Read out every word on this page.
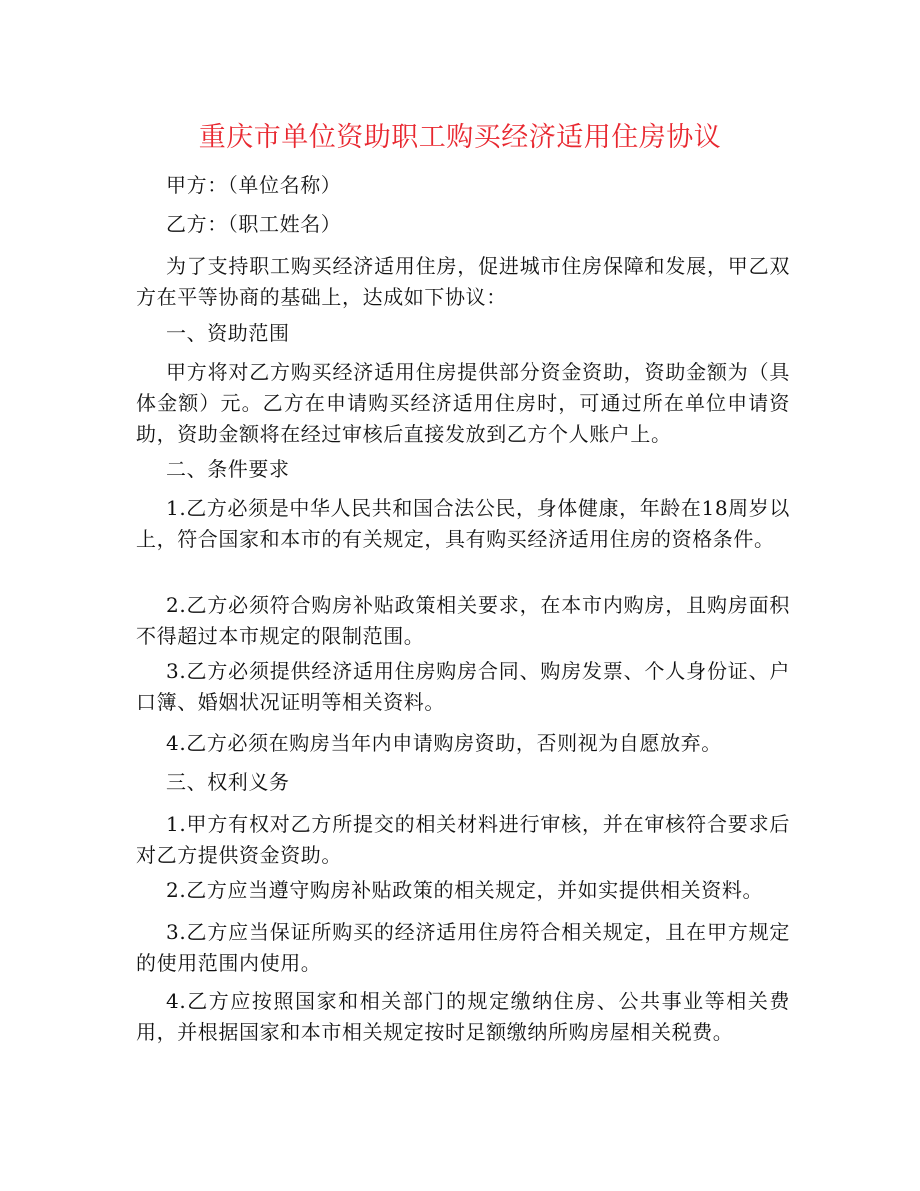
重庆市单位资助职工购买经济适用住房协议

甲方：（单位名称）

乙方：（职工姓名）

为了支持职工购买经济适用住房，促进城市住房保障和发展，甲乙双方在平等协商的基础上，达成如下协议：

一、资助范围

甲方将对乙方购买经济适用住房提供部分资金资助，资助金额为（具体金额）元。乙方在申请购买经济适用住房时，可通过所在单位申请资助，资助金额将在经过审核后直接发放到乙方个人账户上。

二、条件要求

1.乙方必须是中华人民共和国合法公民，身体健康，年龄在18周岁以上，符合国家和本市的有关规定，具有购买经济适用住房的资格条件。

2.乙方必须符合购房补贴政策相关要求，在本市内购房，且购房面积不得超过本市规定的限制范围。

3.乙方必须提供经济适用住房购房合同、购房发票、个人身份证、户口簿、婚姻状况证明等相关资料。

4.乙方必须在购房当年内申请购房资助，否则视为自愿放弃。

三、权利义务

1.甲方有权对乙方所提交的相关材料进行审核，并在审核符合要求后对乙方提供资金资助。

2.乙方应当遵守购房补贴政策的相关规定，并如实提供相关资料。

3.乙方应当保证所购买的经济适用住房符合相关规定，且在甲方规定的使用范围内使用。

4.乙方应按照国家和相关部门的规定缴纳住房、公共事业等相关费用，并根据国家和本市相关规定按时足额缴纳所购房屋相关税费。
